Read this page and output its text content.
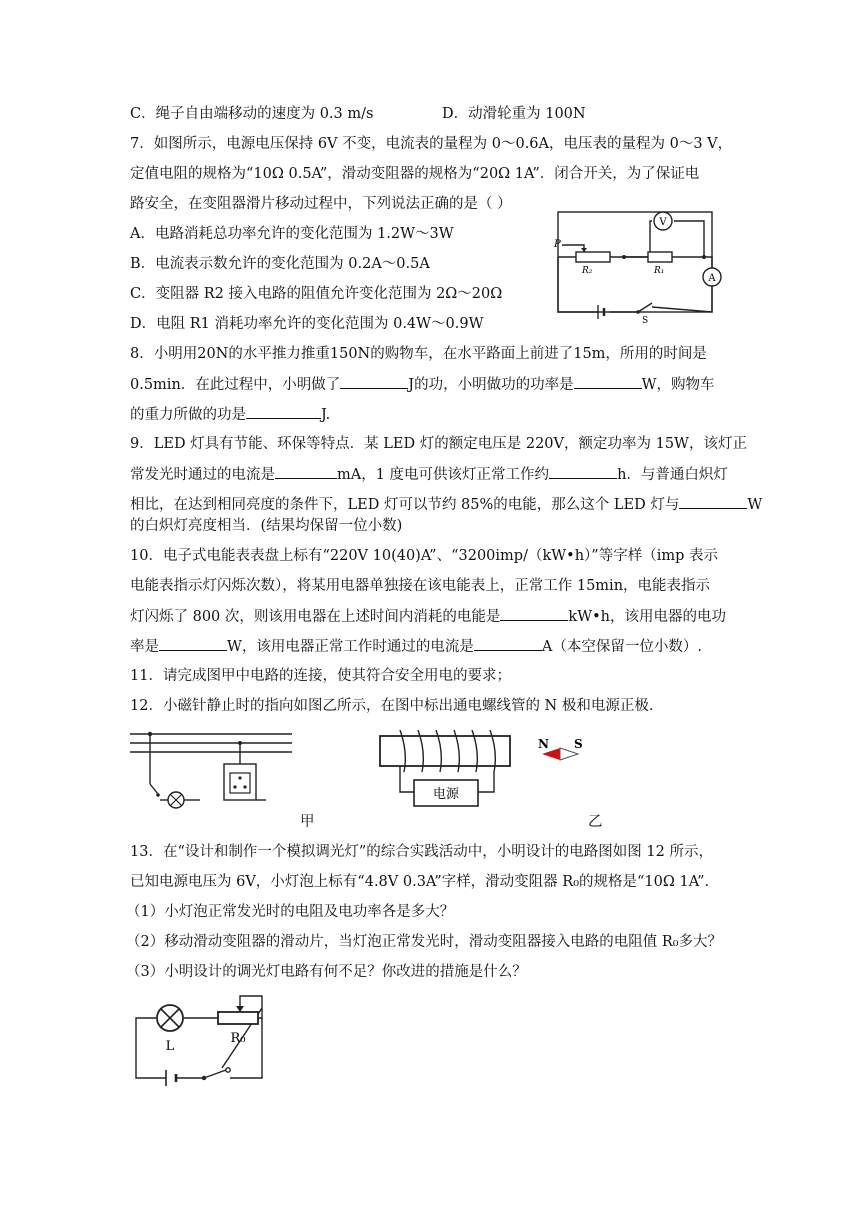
C．绳子自由端移动的速度为 0.3 m/s	D．动滑轮重为 100N
7．如图所示，电源电压保持 6V 不变，电流表的量程为 0～0.6A，电压表的量程为 0～3 V，
定值电阻的规格为“10Ω 0.5A”，滑动变阻器的规格为“20Ω 1A”．闭合开关，为了保证电
路安全，在变阻器滑片移动过程中，下列说法正确的是（ ）
A．电路消耗总功率允许的变化范围为 1.2W～3W
B．电流表示数允许的变化范围为 0.2A～0.5A
C．变阻器 R2 接入电路的阻值允许变化范围为 2Ω～20Ω
D．电阻 R1 消耗功率允许的变化范围为 0.4W～0.9W
V
A
P
R₂	R₁
S
8．小明用20N的水平推力推重150N的购物车，在水平路面上前进了15m，所用的时间是
0.5min．在此过程中，小明做了	J的功，小明做功的功率是	W，购物车
的重力所做的功是	J.
9．LED 灯具有节能、环保等特点．某 LED 灯的额定电压是 220V，额定功率为 15W，该灯正
常发光时通过的电流是	mA，1 度电可供该灯正常工作约	h．与普通白炽灯
相比，在达到相同亮度的条件下，LED 灯可以节约 85%的电能，那么这个 LED 灯与	W
的白炽灯亮度相当．(结果均保留一位小数)
10．电子式电能表表盘上标有“220V 10(40)A”、“3200imp/（kW•h）”等字样（imp 表示
电能表指示灯闪烁次数），将某用电器单独接在该电能表上，正常工作 15min，电能表指示
灯闪烁了 800 次，则该用电器在上述时间内消耗的电能是	kW•h，该用电器的电功
率是	W，该用电器正常工作时通过的电流是	A（本空保留一位小数）.
11．请完成图甲中电路的连接，使其符合安全用电的要求；
12．小磁针静止时的指向如图乙所示，在图中标出通电螺线管的 N 极和电源正极．
甲
电源
N S
乙
13．在“设计和制作一个模拟调光灯”的综合实践活动中，小明设计的电路图如图 12 所示，
已知电源电压为 6V，小灯泡上标有“4.8V 0.3A”字样，滑动变阻器 R₀的规格是“10Ω 1A”.
（1）小灯泡正常发光时的电阻及电功率各是多大？
（2）移动滑动变阻器的滑动片，当灯泡正常发光时，滑动变阻器接入电路的电阻值 R₀多大？
（3）小明设计的调光灯电路有何不足？你改进的措施是什么？
L
R₀
